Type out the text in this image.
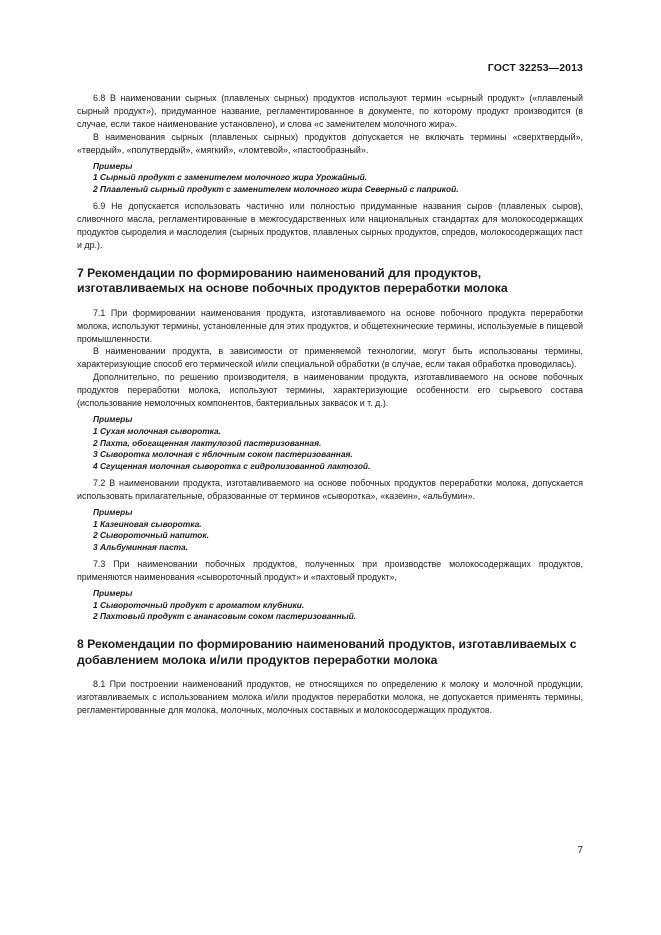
ГОСТ 32253—2013

6.8 В наименовании сырных (плавленых сырных) продуктов используют термин «сырный продукт» («плавленый сырный продукт»), придуманное название, регламентированное в документе, по которому продукт производится (в случае, если такое наименование установлено), и слова «с заменителем молочного жира».

В наименования сырных (плавленых сырных) продуктов допускается не включать термины «сверхтвердый», «твердый», «полутвердый», «мягкий», «ломтевой», «пастообразный».

Примеры

1 Сырный продукт с заменителем молочного жира Урожайный.

2 Плавленый сырный продукт с заменителем молочного жира Северный с паприкой.

6.9 Не допускается использовать частично или полностью придуманные названия сыров (плавленых сыров), сливочного масла, регламентированные в межгосударственных или национальных стандартах для молокосодержащих продуктов сыроделия и маслоделия (сырных продуктов, плавленых сырных продуктов, спредов, молокосодержащих паст и др.).

7 Рекомендации по формированию наименований для продуктов, изготавливаемых на основе побочных продуктов переработки молока

7.1 При формировании наименования продукта, изготавливаемого на основе побочного продукта переработки молока, используют термины, установленные для этих продуктов, и общетехнические термины, используемые в пищевой промышленности.

В наименовании продукта, в зависимости от применяемой технологии, могут быть использованы термины, характеризующие способ его термической и/или специальной обработки (в случае, если такая обработка проводилась).

Дополнительно, по решению производителя, в наименовании продукта, изготавливаемого на основе побочных продуктов переработки молока, используют термины, характеризующие особенности его сырьевого состава (использование немолочных компонентов, бактериальных заквасок и т. д.).

Примеры

1 Сухая молочная сыворотка.

2 Пахта, обогащенная лактулозой пастеризованная.

3 Сыворотка молочная с яблочным соком пастеризованная.

4 Сгущенная молочная сыворотка с гидролизованной лактозой.

7.2 В наименовании продукта, изготавливаемого на основе побочных продуктов переработки молока, допускается использовать прилагательные, образованные от терминов «сыворотка», «казеин», «альбумин».

Примеры

1 Казеиновая сыворотка.

2 Сывороточный напиток.

3 Альбуминная паста.

7.3 При наименовании побочных продуктов, полученных при производстве молокосодержащих продуктов, применяются наименования «сывороточный продукт» и «пахтовый продукт»,

Примеры

1 Сывороточный продукт с ароматом клубники.

2 Пахтовый продукт с ананасовым соком пастеризованный.

8 Рекомендации по формированию наименований продуктов, изготавливаемых с добавлением молока и/или продуктов переработки молока

8.1 При построении наименований продуктов, не относящихся по определению к молоку и молочной продукции, изготавливаемых с использованием молока и/или продуктов переработки молока, не допускается применять термины, регламентированные для молока, молочных, молочных составных и молокосодержащих продуктов.

7
